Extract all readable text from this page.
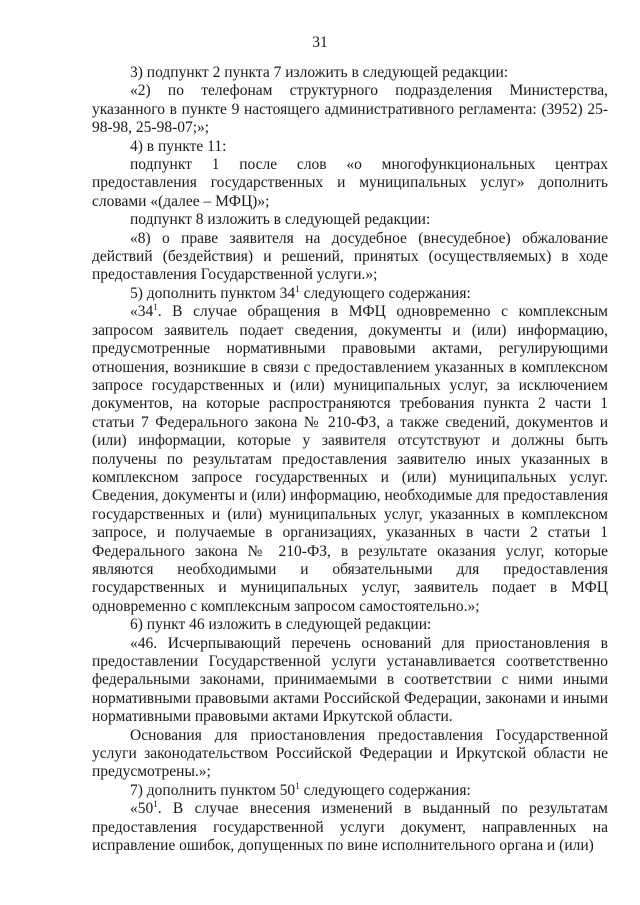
31

3) подпункт 2 пункта 7 изложить в следующей редакции:

«2) по телефонам структурного подразделения Министерства, указанного в пункте 9 настоящего административного регламента: (3952) 25-98-98, 25-98-07;»;

4) в пункте 11:

подпункт 1 после слов «о многофункциональных центрах предоставления государственных и муниципальных услуг» дополнить словами «(далее – МФЦ)»;

подпункт 8 изложить в следующей редакции:

«8) о праве заявителя на досудебное (внесудебное) обжалование действий (бездействия) и решений, принятых (осуществляемых) в ходе предоставления Государственной услуги.»;

5) дополнить пунктом $34^1$ следующего содержания:

«$34^1$. В случае обращения в МФЦ одновременно с комплексным запросом заявитель подает сведения, документы и (или) информацию, предусмотренные нормативными правовыми актами, регулирующими отношения, возникшие в связи с предоставлением указанных в комплексном запросе государственных и (или) муниципальных услуг, за исключением документов, на которые распространяются требования пункта 2 части 1 статьи 7 Федерального закона № 210-ФЗ, а также сведений, документов и (или) информации, которые у заявителя отсутствуют и должны быть получены по результатам предоставления заявителю иных указанных в комплексном запросе государственных и (или) муниципальных услуг. Сведения, документы и (или) информацию, необходимые для предоставления государственных и (или) муниципальных услуг, указанных в комплексном запросе, и получаемые в организациях, указанных в части 2 статьи 1 Федерального закона № 210-ФЗ, в результате оказания услуг, которые являются необходимыми и обязательными для предоставления государственных и муниципальных услуг, заявитель подает в МФЦ одновременно с комплексным запросом самостоятельно.»;

6) пункт 46 изложить в следующей редакции:

«46. Исчерпывающий перечень оснований для приостановления в предоставлении Государственной услуги устанавливается соответственно федеральными законами, принимаемыми в соответствии с ними иными нормативными правовыми актами Российской Федерации, законами и иными нормативными правовыми актами Иркутской области.

Основания для приостановления предоставления Государственной услуги законодательством Российской Федерации и Иркутской области не предусмотрены.»;

7) дополнить пунктом $50^1$ следующего содержания:

«$50^1$. В случае внесения изменений в выданный по результатам предоставления государственной услуги документ, направленных на исправление ошибок, допущенных по вине исполнительного органа и (или)
